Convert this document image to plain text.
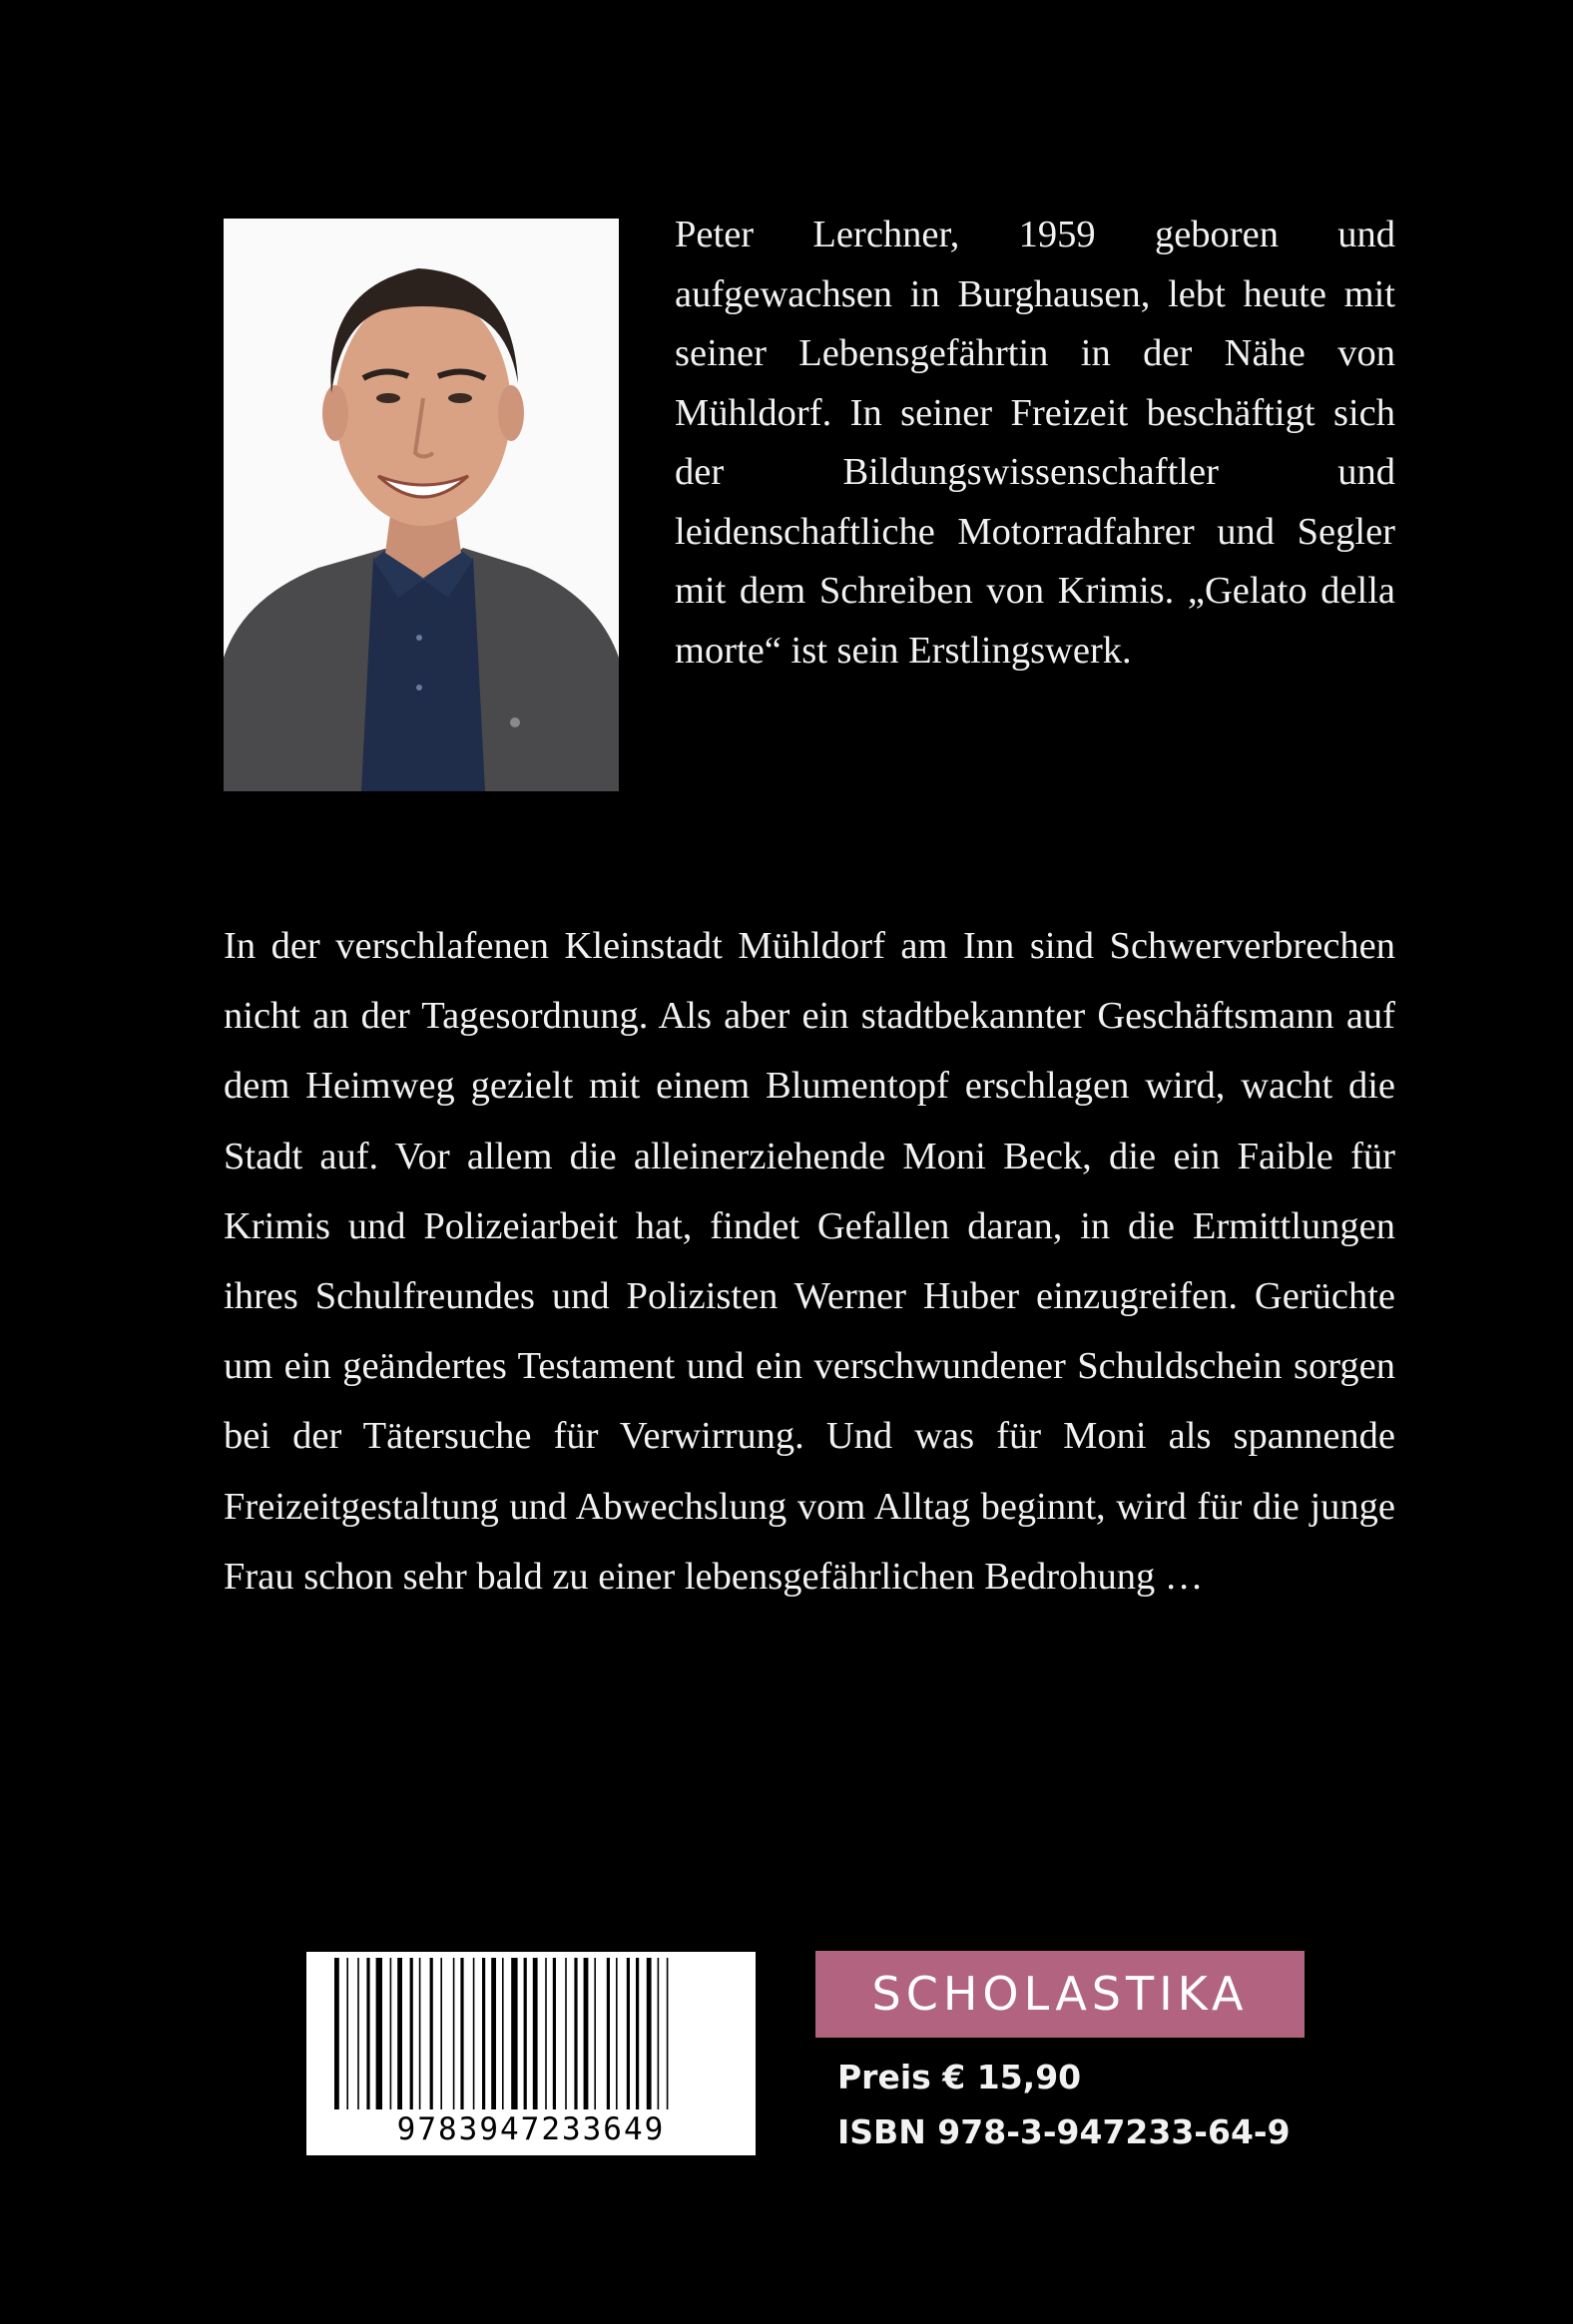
Peter Lerchner, 1959 geboren und aufgewachsen in Burghausen, lebt heute mit seiner Lebensgefährtin in der Nähe von Mühldorf. In seiner Freizeit beschäftigt sich der Bildungswissenschaftler und leidenschaftliche Motorradfahrer und Segler mit dem Schreiben von Krimis. „Gelato della morte“ ist sein Erstlingswerk.
In der verschlafenen Kleinstadt Mühldorf am Inn sind Schwerverbrechen nicht an der Tagesordnung. Als aber ein stadtbekannter Geschäftsmann auf dem Heimweg gezielt mit einem Blumentopf erschlagen wird, wacht die Stadt auf. Vor allem die alleinerziehende Moni Beck, die ein Faible für Krimis und Polizeiarbeit hat, findet Gefallen daran, in die Ermittlungen ihres Schulfreundes und Polizisten Werner Huber einzugreifen. Gerüchte um ein geändertes Testament und ein verschwundener Schuldschein sorgen bei der Tätersuche für Verwirrung. Und was für Moni als spannende Freizeitgestaltung und Abwechslung vom Alltag beginnt, wird für die junge Frau schon sehr bald zu einer lebensgefährlichen Bedrohung …
9783947233649
SCHOLASTIKA
Preis € 15,90
ISBN 978-3-947233-64-9
